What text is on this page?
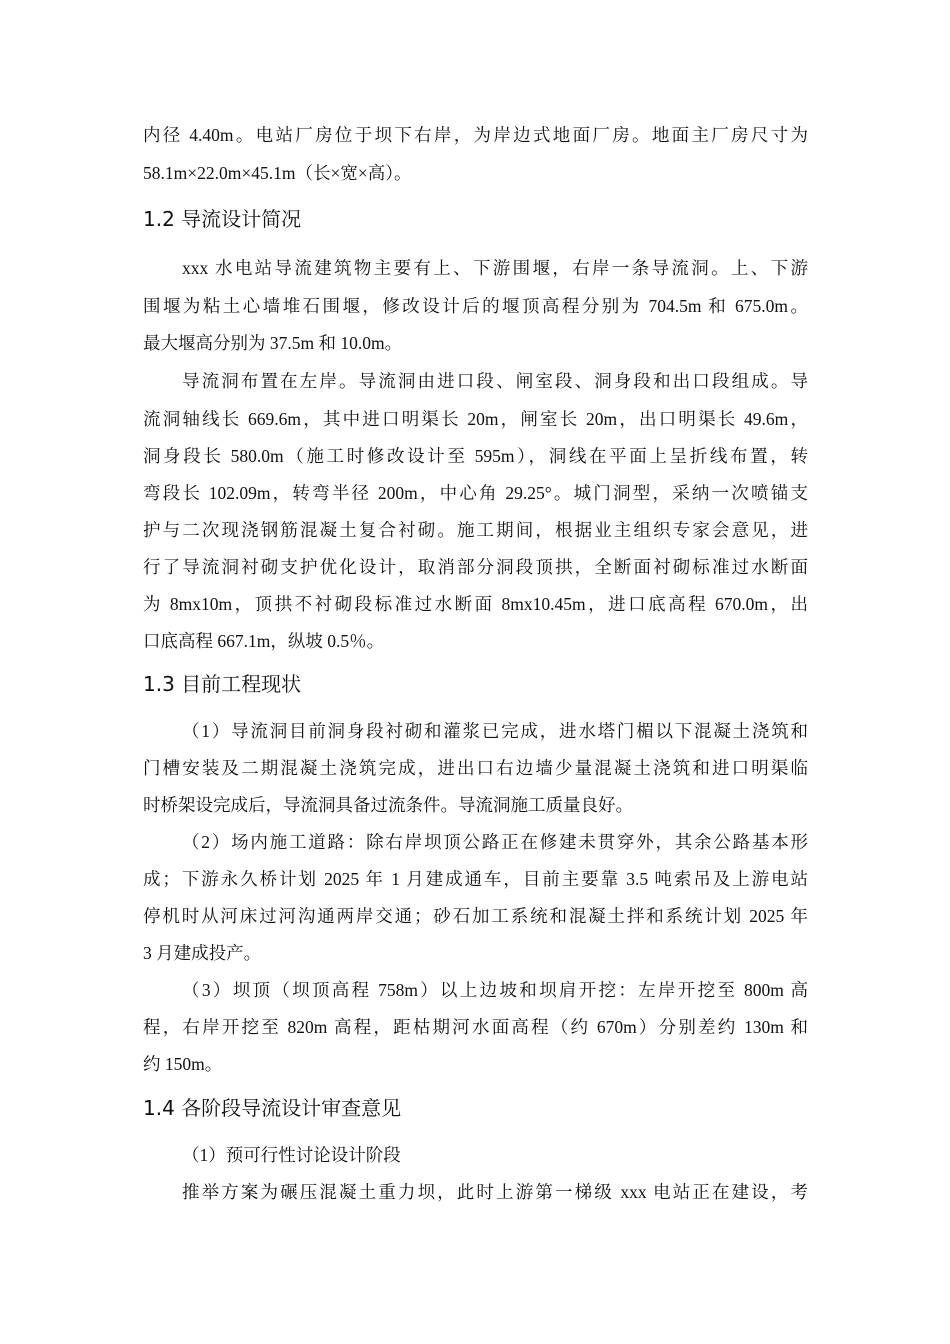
内径 4.40m。电站厂房位于坝下右岸，为岸边式地面厂房。地面主厂房尺寸为
58.1m×22.0m×45.1m（长×宽×高）。
1.2 导流设计简况
xxx 水电站导流建筑物主要有上、下游围堰，右岸一条导流洞。上、下游
围堰为粘土心墙堆石围堰，修改设计后的堰顶高程分别为 704.5m 和 675.0m。
最大堰高分别为 37.5m 和 10.0m。
导流洞布置在左岸。导流洞由进口段、闸室段、洞身段和出口段组成。导
流洞轴线长 669.6m，其中进口明渠长 20m，闸室长 20m，出口明渠长 49.6m，
洞身段长 580.0m（施工时修改设计至 595m），洞线在平面上呈折线布置，转
弯段长 102.09m，转弯半径 200m，中心角 29.25°。城门洞型，采纳一次喷锚支
护与二次现浇钢筋混凝土复合衬砌。施工期间，根据业主组织专家会意见，进
行了导流洞衬砌支护优化设计，取消部分洞段顶拱，全断面衬砌标准过水断面
为 8mx10m，顶拱不衬砌段标准过水断面 8mx10.45m，进口底高程 670.0m，出
口底高程 667.1m，纵坡 0.5％。
1.3 目前工程现状
（1）导流洞目前洞身段衬砌和灌浆已完成，进水塔门楣以下混凝土浇筑和
门槽安装及二期混凝土浇筑完成，进出口右边墙少量混凝土浇筑和进口明渠临
时桥架设完成后，导流洞具备过流条件。导流洞施工质量良好。
（2）场内施工道路：除右岸坝顶公路正在修建未贯穿外，其余公路基本形
成；下游永久桥计划 2025 年 1 月建成通车，目前主要靠 3.5 吨索吊及上游电站
停机时从河床过河沟通两岸交通；砂石加工系统和混凝土拌和系统计划 2025 年
3 月建成投产。
（3）坝顶（坝顶高程 758m）以上边坡和坝肩开挖：左岸开挖至 800m 高
程，右岸开挖至 820m 高程，距枯期河水面高程（约 670m）分别差约 130m 和
约 150m。
1.4 各阶段导流设计审查意见
（1）预可行性讨论设计阶段
推举方案为碾压混凝土重力坝，此时上游第一梯级 xxx 电站正在建设，考
